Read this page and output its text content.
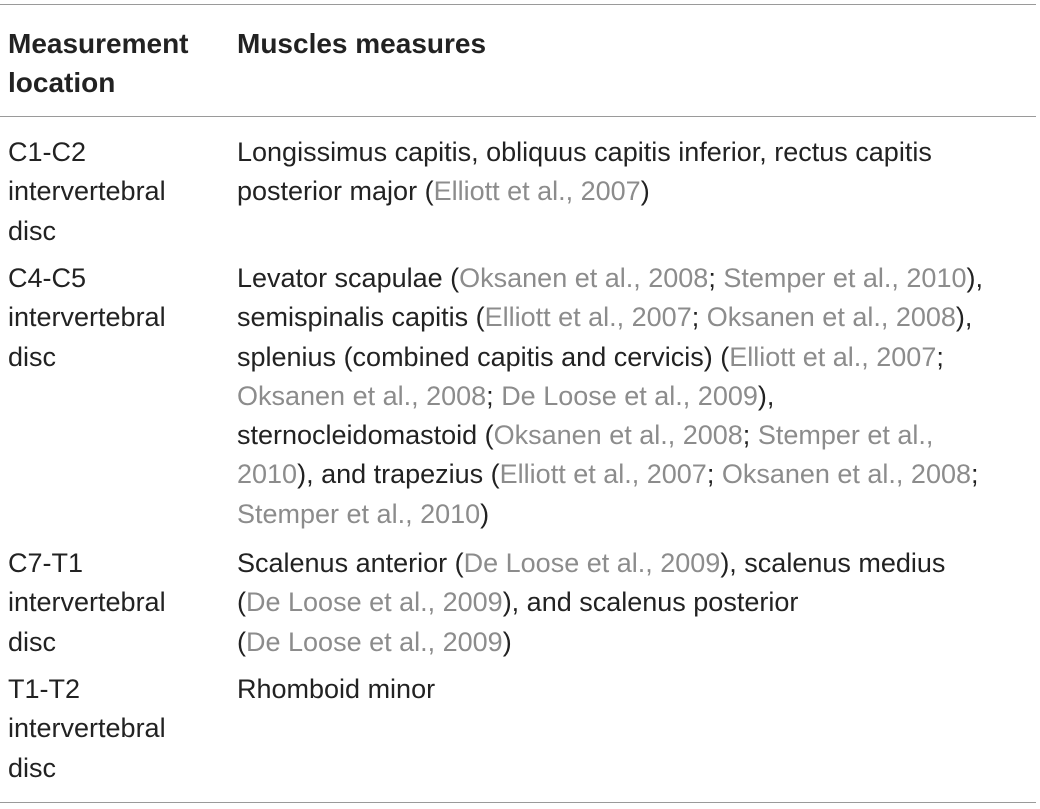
Measurement
location
Muscles measures
C1-C2
intervertebral
disc
Longissimus capitis, obliquus capitis inferior, rectus capitis
posterior major (Elliott et al., 2007)
C4-C5
intervertebral
disc
Levator scapulae (Oksanen et al., 2008; Stemper et al., 2010),
semispinalis capitis (Elliott et al., 2007; Oksanen et al., 2008),
splenius (combined capitis and cervicis) (Elliott et al., 2007;
Oksanen et al., 2008; De Loose et al., 2009),
sternocleidomastoid (Oksanen et al., 2008; Stemper et al.,
2010), and trapezius (Elliott et al., 2007; Oksanen et al., 2008;
Stemper et al., 2010)
C7-T1
intervertebral
disc
Scalenus anterior (De Loose et al., 2009), scalenus medius
(De Loose et al., 2009), and scalenus posterior
(De Loose et al., 2009)
T1-T2
intervertebral
disc
Rhomboid minor
